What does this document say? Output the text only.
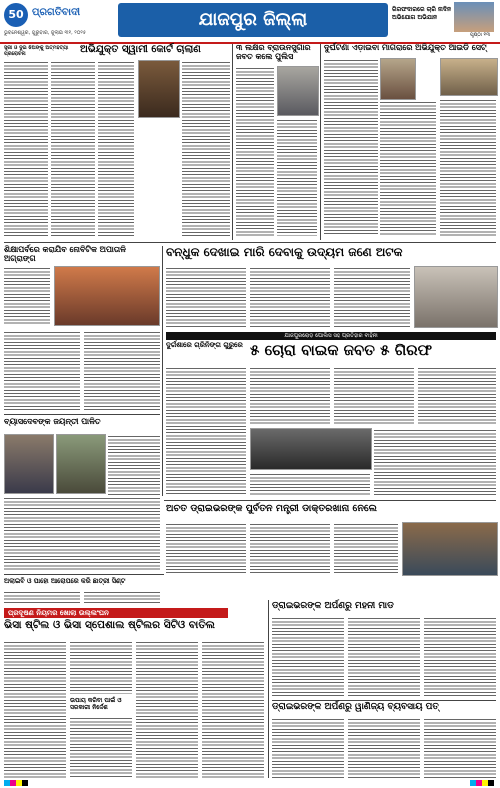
50 ପ୍ରଗତିବାଦୀ
ଭୁବନେଶ୍ୱର, ଗୁରୁବାର, ଜୁଲାଇ ୩୧, ୨୦୨୫
ଯାଜପୁର ଜିଲ୍ଲା	ଗିରଫଦାରରେ ଚାରି ନାଦିନ ଅଭିଯୋଗ ଅଭିଯାନ
ପୃଷ୍ଠା ୧୩
ସ୍ତ୍ରୀ ଓ ଦୁଇ ଝିଅଙ୍କୁ ଅତ୍ମହତ୍ୟା ପ୍ରରୋଚନା	ଅଭିଯୁକ୍ତ ସ୍ୱାମୀ କୋର୍ଟ ଚାଲାଣ	୩ ଲକ୍ଷର ବ୍ରାଉନସୁଗାର ଜବତ କଲେ ପୁଲିସ
ଦୁର୍ଘଟଣା ଏଡ଼ାଇବା ମାଗରାରେ ଅଭିଯୁକ୍ତ ଆଇଡି ସେଟ୍
ଶିକ୍ଷାପର୍ବରେ କରାଯିବ ନୋବିଟିକ ଅପାତାଳି ଅଗ୍ରାଙ୍ଗ	ବନ୍ଧୁକ ଦେଖାଇ ମାରି ଦେବାକୁ ଉଦ୍ୟମ ଜଣେ ଅଟକ
ଯାଜପୁରରୋଡ଼ ପୋଲିସ ସହ ପ୍ରତିହାର ବାହିନୀ
୫ ଚୋରା ବାଇକ ଜବତ ୫ ଗିରଫ
ଦୁର୍ଗଶାରେ ଗ୍ରିନିଙ୍ଗ ଗୁରୁରେ
ବ୍ୟାସଦେବଙ୍କ ଜୟନ୍ତୀ ପାଳିତ
ଅଚତ ଡ୍ରାଇଭରଙ୍କ ପୁର୍ବତନ ମନ୍ତ୍ରୀ ଡାକ୍ତରଖାନା ନେଲେ
ଅଲାଇବି ଓ ପାହୋ ଆରୋପରେ କରି ଛାତ୍ରୀ ସିଣ୍ଟ
ପ୍ରଦୂଷଣ ନିୟମର ଖୋଲା ଉଲ୍ଲଂଘନ
ଭିସା ଷ୍ଟିଲ ଓ ଭିସା ସ୍ପେଶାଲ ଷ୍ଟିଲର ସିଟିଓ ବାତିଲ
ଉପାୟ କରିବା ପାଇଁ ଓ ସରକାରୀ ନିର୍ଦ୍ଦେଶ
ଡ୍ରାଇଭରଙ୍କ ଅର୍ପଣରୁ ମହନୀ ମାଡ
ଡ୍ରାଇଭରଙ୍କ ଅର୍ପଣରୁ ୱାଣିଜ୍ୟ ବ୍ୟବସାୟ ପତ୍
